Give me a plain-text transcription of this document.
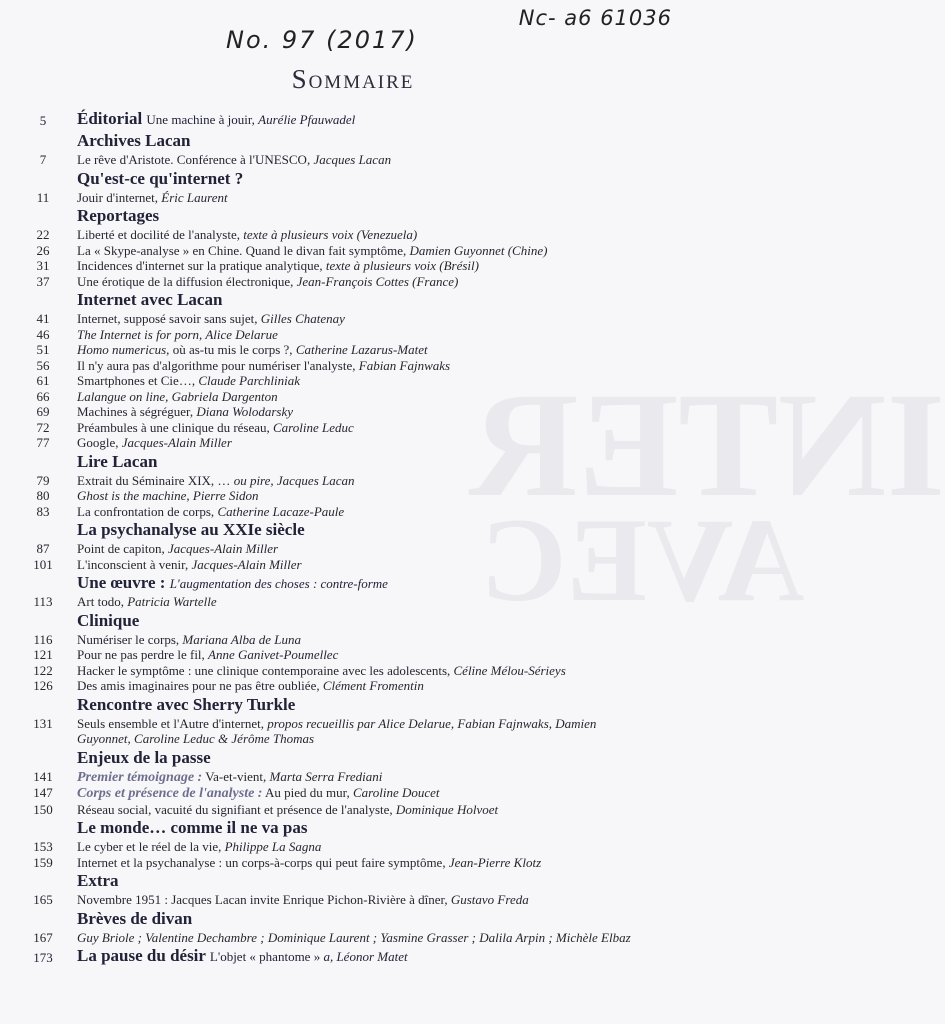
INTER
AVEC
Nc- a6 61036
No. 97 (2017)
Sommaire
5	Éditorial Une machine à jouir, Aurélie Pfauwadel
Archives Lacan
7	Le rêve d'Aristote. Conférence à l'UNESCO, Jacques Lacan
Qu'est-ce qu'internet ?
11	Jouir d'internet, Éric Laurent
Reportages
22	Liberté et docilité de l'analyste, texte à plusieurs voix (Venezuela)
26	La « Skype-analyse » en Chine. Quand le divan fait symptôme, Damien Guyonnet (Chine)
31	Incidences d'internet sur la pratique analytique, texte à plusieurs voix (Brésil)
37	Une érotique de la diffusion électronique, Jean-François Cottes (France)
Internet avec Lacan
41	Internet, supposé savoir sans sujet, Gilles Chatenay
46	The Internet is for porn, Alice Delarue
51	Homo numericus, où as-tu mis le corps ?, Catherine Lazarus-Matet
56	Il n'y aura pas d'algorithme pour numériser l'analyste, Fabian Fajnwaks
61	Smartphones et Cie…, Claude Parchliniak
66	Lalangue on line, Gabriela Dargenton
69	Machines à ségréguer, Diana Wolodarsky
72	Préambules à une clinique du réseau, Caroline Leduc
77	Google, Jacques-Alain Miller
Lire Lacan
79	Extrait du Séminaire XIX, … ou pire, Jacques Lacan
80	Ghost is the machine, Pierre Sidon
83	La confrontation de corps, Catherine Lacaze-Paule
La psychanalyse au XXIe siècle
87	Point de capiton, Jacques-Alain Miller
101	L'inconscient à venir, Jacques-Alain Miller
Une œuvre : L'augmentation des choses : contre-forme
113	Art todo, Patricia Wartelle
Clinique
116	Numériser le corps, Mariana Alba de Luna
121	Pour ne pas perdre le fil, Anne Ganivet-Poumellec
122	Hacker le symptôme : une clinique contemporaine avec les adolescents, Céline Mélou-Sérieys
126	Des amis imaginaires pour ne pas être oubliée, Clément Fromentin
Rencontre avec Sherry Turkle
131	Seuls ensemble et l'Autre d'internet, propos recueillis par Alice Delarue, Fabian Fajnwaks, Damien Guyonnet, Caroline Leduc & Jérôme Thomas
Enjeux de la passe
141	Premier témoignage : Va-et-vient, Marta Serra Frediani
147	Corps et présence de l'analyste : Au pied du mur, Caroline Doucet
150	Réseau social, vacuité du signifiant et présence de l'analyste, Dominique Holvoet
Le monde… comme il ne va pas
153	Le cyber et le réel de la vie, Philippe La Sagna
159	Internet et la psychanalyse : un corps-à-corps qui peut faire symptôme, Jean-Pierre Klotz
Extra
165	Novembre 1951 : Jacques Lacan invite Enrique Pichon-Rivière à dîner, Gustavo Freda
Brèves de divan
167	Guy Briole ; Valentine Dechambre ; Dominique Laurent ; Yasmine Grasser ; Dalila Arpin ; Michèle Elbaz
173	La pause du désir L'objet « phantome » a, Léonor Matet
